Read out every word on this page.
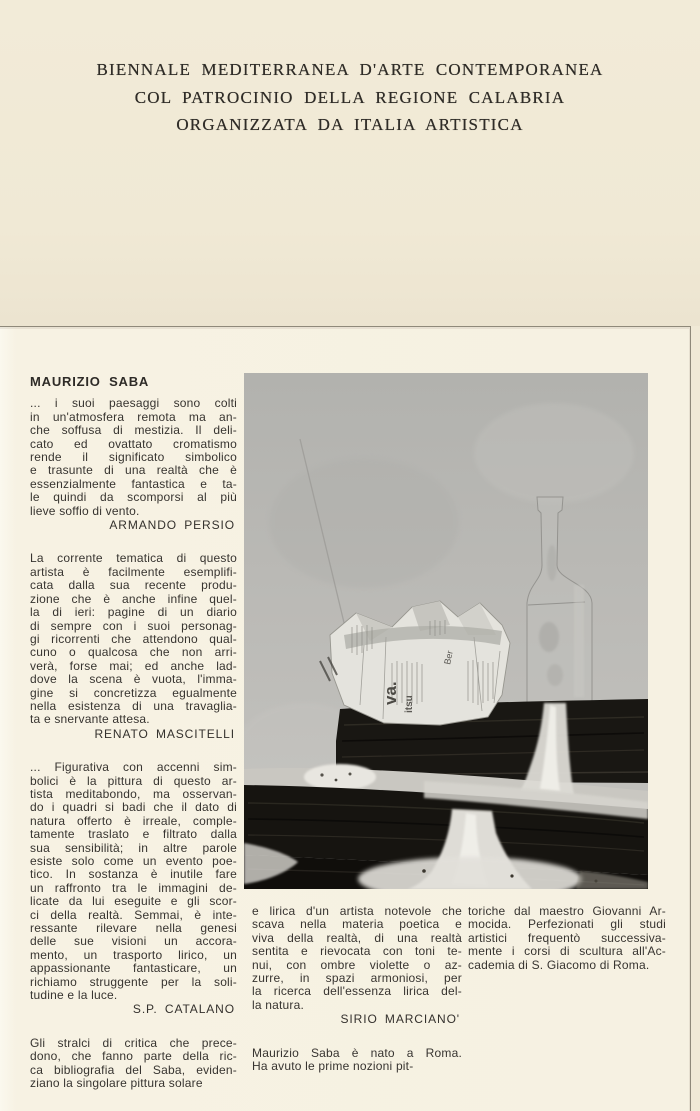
BIENNALE MEDITERRANEA D'ARTE CONTEMPORANEA
COL PATROCINIO DELLA REGIONE CALABRIA
ORGANIZZATA DA ITALIA ARTISTICA
MAURIZIO SABA
... i suoi paesaggi sono colti
in un'atmosfera remota ma an-
che soffusa di mestizia. Il deli-
cato ed ovattato cromatismo
rende il significato simbolico
e trasunte di una realtà che è
essenzialmente fantastica e ta-
le quindi da scomporsi al più
lieve soffio di vento.
ARMANDO PERSIO
La corrente tematica di questo
artista è facilmente esemplifi-
cata dalla sua recente produ-
zione che è anche infine quel-
la di ieri: pagine di un diario
di sempre con i suoi personag-
gi ricorrenti che attendono qual-
cuno o qualcosa che non arri-
verà, forse mai; ed anche lad-
dove la scena è vuota, l'imma-
gine si concretizza egualmente
nella esistenza di una travaglia-
ta e snervante attesa.
RENATO MASCITELLI
... Figurativa con accenni sim-
bolici è la pittura di questo ar-
tista meditabondo, ma osservan-
do i quadri si badi che il dato di
natura offerto è irreale, comple-
tamente traslato e filtrato dalla
sua sensibilità; in altre parole
esiste solo come un evento poe-
tico. In sostanza è inutile fare
un raffronto tra le immagini de-
licate da lui eseguite e gli scor-
ci della realtà. Semmai, è inte-
ressante rilevare nella genesi
delle sue visioni un accora-
mento, un trasporto lirico, un
appassionante fantasticare, un
richiamo struggente per la soli-
tudine e la luce.
S.P. CATALANO
Gli stralci di critica che prece-
dono, che fanno parte della ric-
ca bibliografia del Saba, eviden-
ziano la singolare pittura solare
va. itsu
Ber
e lirica d'un artista notevole che
scava nella materia poetica e
viva della realtà, di una realtà
sentita e rievocata con toni te-
nui, con ombre violette o az-
zurre, in spazi armoniosi, per
la ricerca dell'essenza lirica del-
la natura.
SIRIO MARCIANO'
Maurizio Saba è nato a Roma.
Ha avuto le prime nozioni pit-
toriche dal maestro Giovanni Ar-
mocida. Perfezionati gli studi
artistici frequentò successiva-
mente i corsi di scultura all'Ac-
cademia di S. Giacomo di Roma.
